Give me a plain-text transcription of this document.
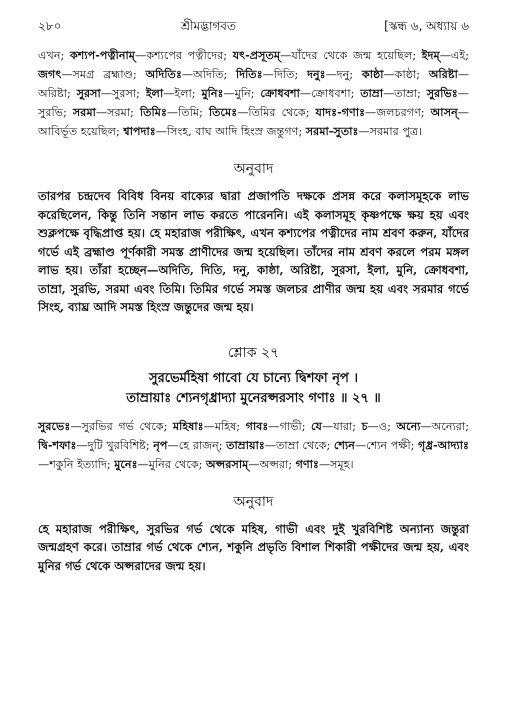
২৮০	শ্রীমদ্ভাগবত	[স্কন্ধ ৬, অধ্যায় ৬
এখন; কশ্যপ-পত্নীনাম্—কশ্যপের পত্নীদের; যৎ-প্রসূতম্—যাঁদের থেকে জন্ম হয়েছিল; ইদম্—এই; জগৎ—সমগ্র ব্রহ্মাণ্ড; অদিতিঃ—অদিতি; দিতিঃ—দিতি; দনুঃ—দনু; কাষ্ঠা—কাষ্ঠা; অরিষ্টা—অরিষ্টা; সুরসা—সুরসা; ইলা—ইলা; মুনিঃ—মুনি; ক্রোধবশা—ক্রোধবশা; তাম্রা—তাম্রা; সুরভিঃ—সুরভি; সরমা—সরমা; তিমিঃ—তিমি; তিমেঃ—তিমির থেকে; যাদঃ-গণাঃ—জলচরগণ; আসন্—আবির্ভূত হয়েছিল; শ্বাপদাঃ—সিংহ, বাঘ আদি হিংস্র জন্তুগণ; সরমা-সুতাঃ—সরমার পুত্র।
অনুবাদ
তারপর চন্দ্রদেব বিবিধ বিনয় বাক্যের দ্বারা প্রজাপতি দক্ষকে প্রসন্ন করে কলাসমূহকে লাভ করেছিলেন, কিন্তু তিনি সন্তান লাভ করতে পারেননি। এই কলাসমূহ কৃষ্ণপক্ষে ক্ষয় হয় এবং শুক্লপক্ষে বৃদ্ধিপ্রাপ্ত হয়। হে মহারাজ পরীক্ষিৎ, এখন কশ্যপের পত্নীদের নাম শ্রবণ করুন, যাঁদের গর্ভে এই ব্রহ্মাণ্ড পূর্ণকারী সমস্ত প্রাণীদের জন্ম হয়েছিল। তাঁদের নাম শ্রবণ করলে পরম মঙ্গল লাভ হয়। তাঁরা হচ্ছেন—অদিতি, দিতি, দনু, কাষ্ঠা, অরিষ্টা, সুরসা, ইলা, মুনি, ক্রোধবশা, তাম্রা, সুরভি, সরমা এবং তিমি। তিমির গর্ভে সমস্ত জলচর প্রাণীর জন্ম হয় এবং সরমার গর্ভে সিংহ, ব্যাঘ্র আদি সমস্ত হিংস্র জন্তুদের জন্ম হয়।
শ্লোক ২৭
সুরভের্মহিষা গাবো যে চান্যে দ্বিশফা নৃপ ।
তাম্রায়াঃ শ্যেনগৃধ্রাদ্যা মুনেরপ্সরসাং গণাঃ ॥ ২৭ ॥
সুরভেঃ—সুরভির গর্ভ থেকে; মহিষাঃ—মহিষ; গাবঃ—গাভী; যে—যারা; চ—ও; অন্যে—অন্যেরা; দ্বি-শফাঃ—দুটি খুরবিশিষ্ট; নৃপ—হে রাজন্; তাম্রায়াঃ—তাম্রা থেকে; শ্যেন—শ্যেন পক্ষী; গৃধ্র-আদ্যাঃ—শকুনি ইত্যাদি; মুনেঃ—মুনির থেকে; অপ্সরসাম্—অপ্সরা; গণাঃ—সমূহ।
অনুবাদ
হে মহারাজ পরীক্ষিৎ, সুরভির গর্ভ থেকে মহিষ, গাভী এবং দুই খুরবিশিষ্ট অন্যান্য জন্তুরা জন্মগ্রহণ করে। তাম্রার গর্ভ থেকে শ্যেন, শকুনি প্রভৃতি বিশাল শিকারী পক্ষীদের জন্ম হয়, এবং মুনির গর্ভ থেকে অপ্সরাদের জন্ম হয়।
